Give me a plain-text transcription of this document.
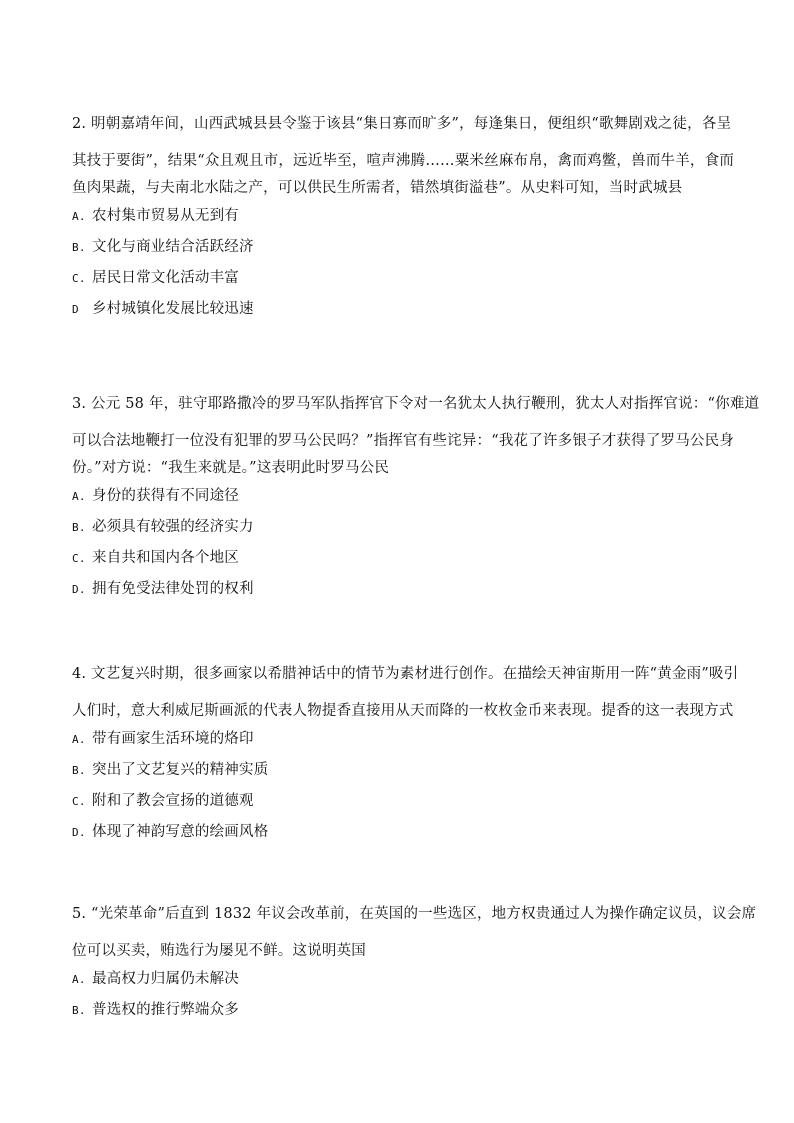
2. 明朝嘉靖年间，山西武城县县令鉴于该县“集日寡而旷多”，每逢集日，便组织“歌舞剧戏之徒，各呈

其技于要街”，结果“众且观且市，远近毕至，喧声沸腾……粟米丝麻布帛，禽而鸡鳖，兽而牛羊，食而

鱼肉果蔬，与夫南北水陆之产，可以供民生所需者，错然填街溢巷”。从史料可知，当时武城县

A. 农村集市贸易从无到有
B. 文化与商业结合活跃经济
C. 居民日常文化活动丰富
D 乡村城镇化发展比较迅速

3. 公元 58 年，驻守耶路撒冷的罗马军队指挥官下令对一名犹太人执行鞭刑，犹太人对指挥官说：“你难道

可以合法地鞭打一位没有犯罪的罗马公民吗？”指挥官有些诧异：“我花了许多银子才获得了罗马公民身

份。”对方说：“我生来就是。”这表明此时罗马公民

A. 身份的获得有不同途径
B. 必须具有较强的经济实力
C. 来自共和国内各个地区
D. 拥有免受法律处罚的权利

4. 文艺复兴时期，很多画家以希腊神话中的情节为素材进行创作。在描绘天神宙斯用一阵“黄金雨”吸引

人们时，意大利威尼斯画派的代表人物提香直接用从天而降的一枚枚金币来表现。提香的这一表现方式

A. 带有画家生活环境的烙印
B. 突出了文艺复兴的精神实质
C. 附和了教会宣扬的道德观
D. 体现了神韵写意的绘画风格

5. “光荣革命”后直到 1832 年议会改革前，在英国的一些选区，地方权贵通过人为操作确定议员，议会席

位可以买卖，贿选行为屡见不鲜。这说明英国

A. 最高权力归属仍未解决
B. 普选权的推行弊端众多
